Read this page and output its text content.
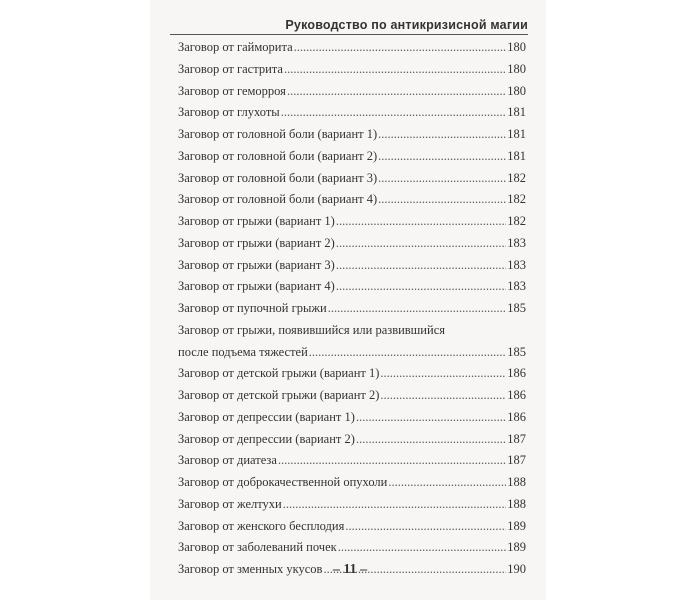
Руководство по антикризисной магии
Заговор от гайморита .....	180
Заговор от гастрита .....	180
Заговор от геморроя .....	180
Заговор от глухоты .....	181
Заговор от головной боли (вариант 1) .....	181
Заговор от головной боли (вариант 2) .....	181
Заговор от головной боли (вариант 3) .....	182
Заговор от головной боли (вариант 4) .....	182
Заговор от грыжи (вариант 1) .....	182
Заговор от грыжи (вариант 2) .....	183
Заговор от грыжи (вариант 3) .....	183
Заговор от грыжи (вариант 4) .....	183
Заговор от пупочной грыжи .....	185
Заговор от грыжи, появившийся или развившийся
после подъема тяжестей .....	185
Заговор от детской грыжи (вариант 1) .....	186
Заговор от детской грыжи (вариант 2) .....	186
Заговор от депрессии (вариант 1) .....	186
Заговор от депрессии (вариант 2) .....	187
Заговор от диатеза .....	187
Заговор от доброкачественной опухоли .....	188
Заговор от желтухи .....	188
Заговор от женского бесплодия .....	189
Заговор от заболеваний почек .....	189
Заговор от зменных укусов .....	190
– 11 –
